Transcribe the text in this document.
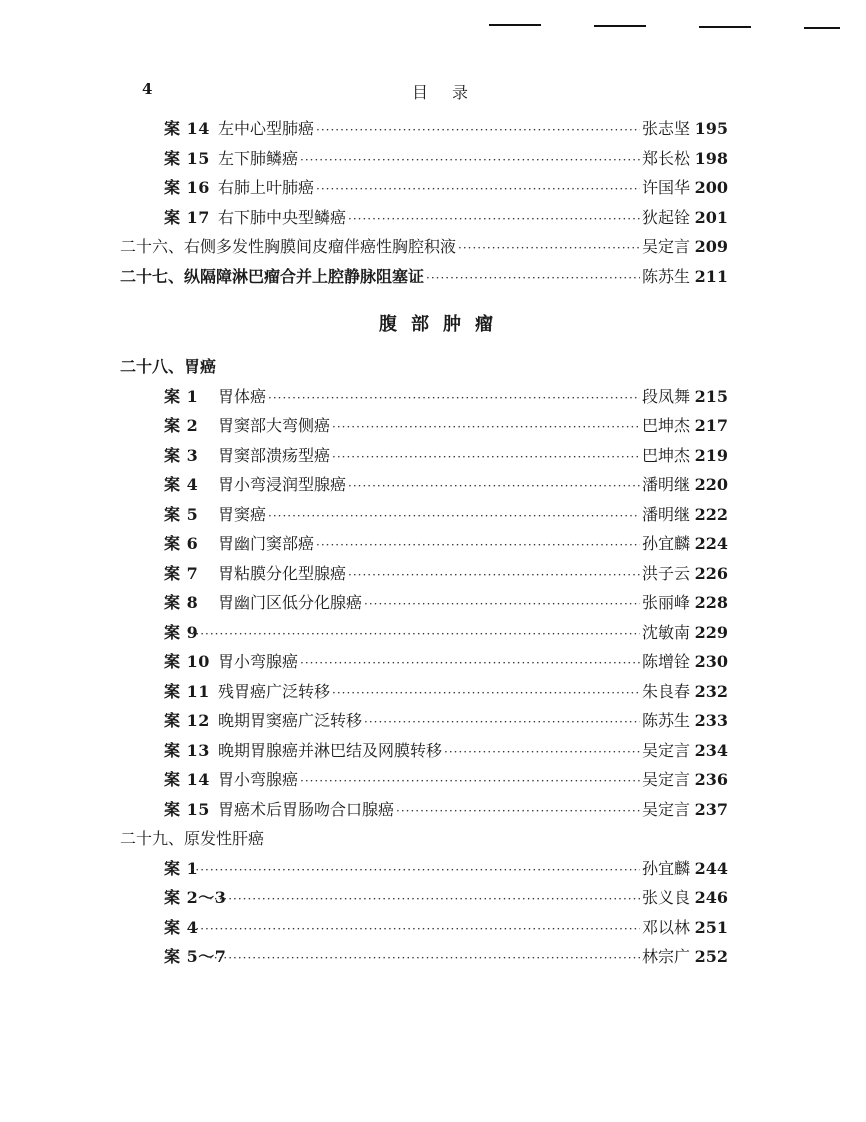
4	目录
案 14 左中心型肺癌 ·····	张志坚 195
案 15 左下肺鳞癌 ·····	郑长松 198
案 16 右肺上叶肺癌 ·····	许国华 200
案 17 右下肺中央型鳞癌 ·····	狄起铨 201
二十六、右侧多发性胸膜间皮瘤伴癌性胸腔积液 ·····	吴定言 209
二十七、纵隔障淋巴瘤合并上腔静脉阻塞证 ·····	陈苏生 211
腹部肿瘤
二十八、胃癌
案 1	胃体癌 ·····	段凤舞 215
案 2	胃窦部大弯侧癌 ·····	巴坤杰 217
案 3	胃窦部溃疡型癌 ·····	巴坤杰 219
案 4	胃小弯浸润型腺癌 ·····	潘明继 220
案 5	胃窦癌 ·····	潘明继 222
案 6	胃幽门窦部癌 ·····	孙宜麟 224
案 7	胃粘膜分化型腺癌 ·····	洪子云 226
案 8	胃幽门区低分化腺癌 ·····	张丽峰 228
案 9 ·····	沈敏南 229
案 10 胃小弯腺癌 ·····	陈增铨 230
案 11 残胃癌广泛转移 ·····	朱良春 232
案 12 晚期胃窦癌广泛转移 ·····	陈苏生 233
案 13 晚期胃腺癌并淋巴结及网膜转移 ·····	吴定言 234
案 14 胃小弯腺癌 ·····	吴定言 236
案 15 胃癌术后胃肠吻合口腺癌 ·····	吴定言 237
二十九、原发性肝癌
案 1 ·····	孙宜麟 244
案 2～3 ·····	张义良 246
案 4 ·····	邓以林 251
案 5～7 ·····	林宗广 252
